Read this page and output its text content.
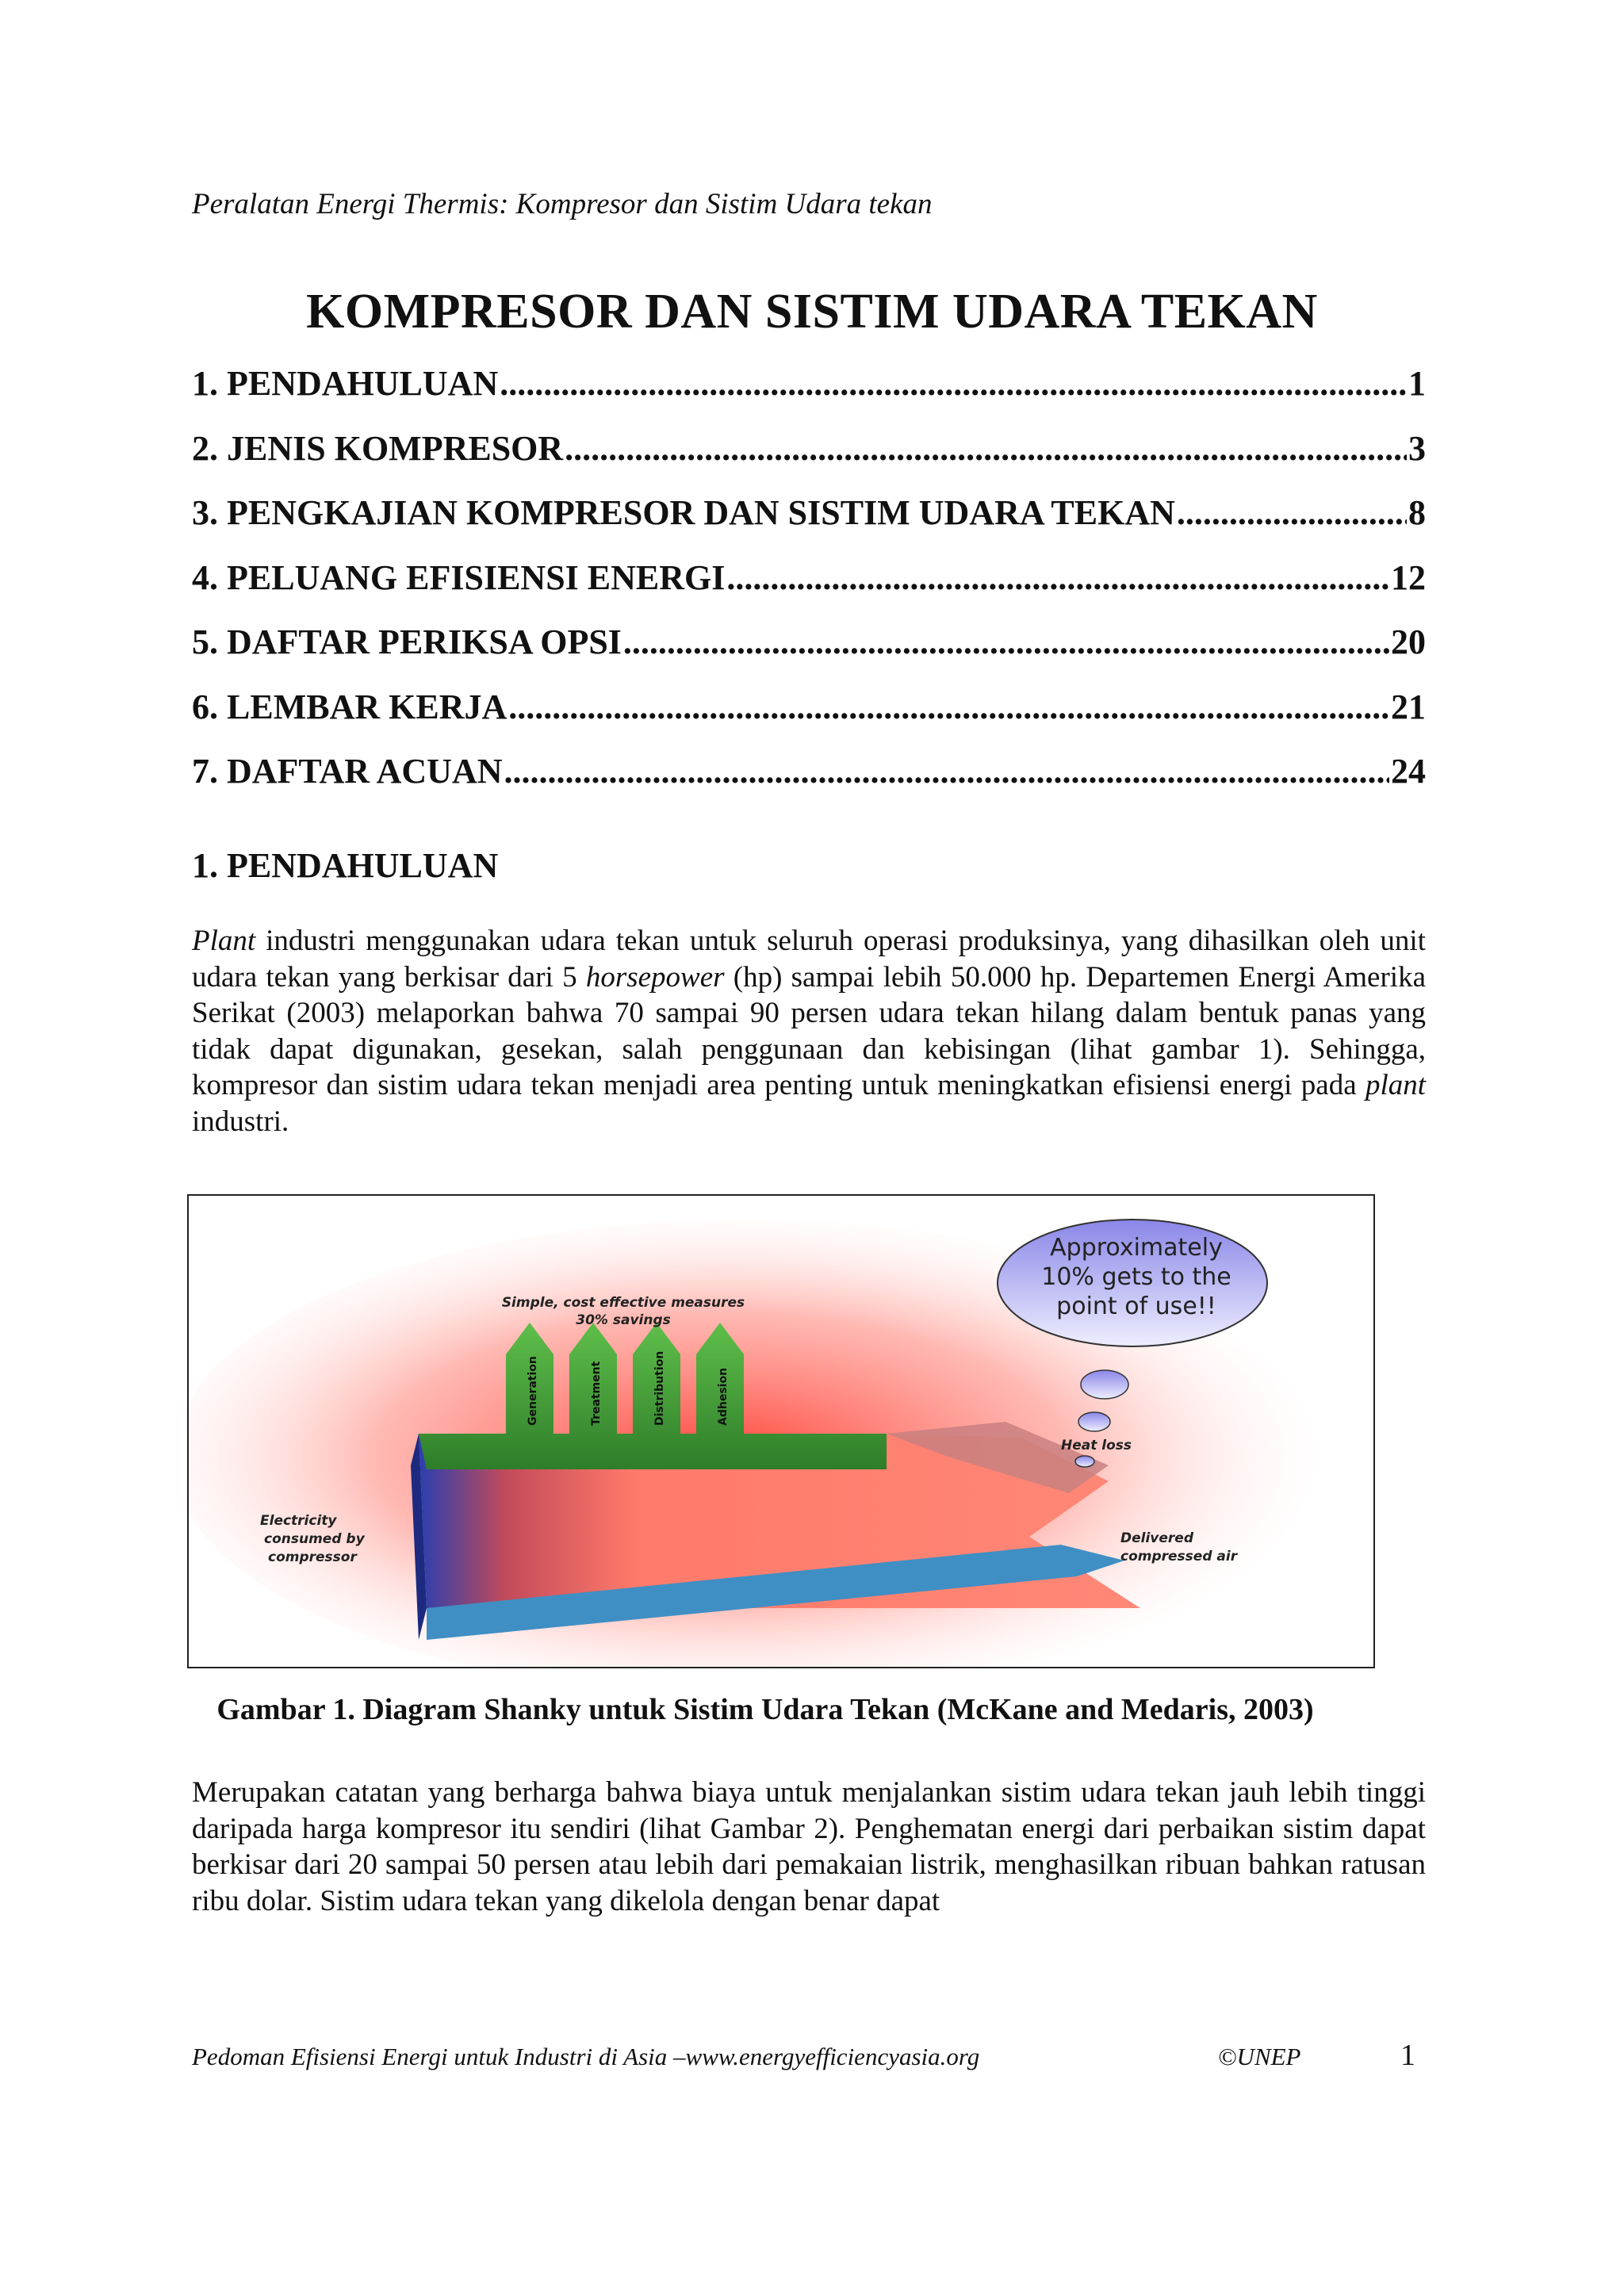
Peralatan Energi Thermis: Kompresor dan Sistim Udara tekan
KOMPRESOR DAN SISTIM UDARA TEKAN
1. PENDAHULUAN .....	1
2. JENIS KOMPRESOR .....	3
3. PENGKAJIAN KOMPRESOR DAN SISTIM UDARA TEKAN .....	8
4. PELUANG EFISIENSI ENERGI .....	12
5. DAFTAR PERIKSA OPSI .....	20
6. LEMBAR KERJA .....	21
7. DAFTAR ACUAN .....	24
1. PENDAHULUAN

Plant industri menggunakan udara tekan untuk seluruh operasi produksinya, yang dihasilkan oleh unit udara tekan yang berkisar dari 5 horsepower (hp) sampai lebih 50.000 hp. Departemen Energi Amerika Serikat (2003) melaporkan bahwa 70 sampai 90 persen udara tekan hilang dalam bentuk panas yang tidak dapat digunakan, gesekan, salah penggunaan dan kebisingan (lihat gambar 1). Sehingga, kompresor dan sistim udara tekan menjadi area penting untuk meningkatkan efisiensi energi pada plant industri.

Generation	Treatment	Distribution	Adhesion
Approximately
10% gets to the
point of use!!
Simple, cost effective measures
30% savings
Heat loss
Electricity
consumed by
compressor
Delivered
compressed air

Gambar 1. Diagram Shanky untuk Sistim Udara Tekan (McKane and Medaris, 2003)

Merupakan catatan yang berharga bahwa biaya untuk menjalankan sistim udara tekan jauh lebih tinggi daripada harga kompresor itu sendiri (lihat Gambar 2). Penghematan energi dari perbaikan sistim dapat berkisar dari 20 sampai 50 persen atau lebih dari pemakaian listrik, menghasilkan ribuan bahkan ratusan ribu dolar. Sistim udara tekan yang dikelola dengan benar dapat

Pedoman Efisiensi Energi untuk Industri di Asia –www.energyefficiencyasia.org	©UNEP	1
